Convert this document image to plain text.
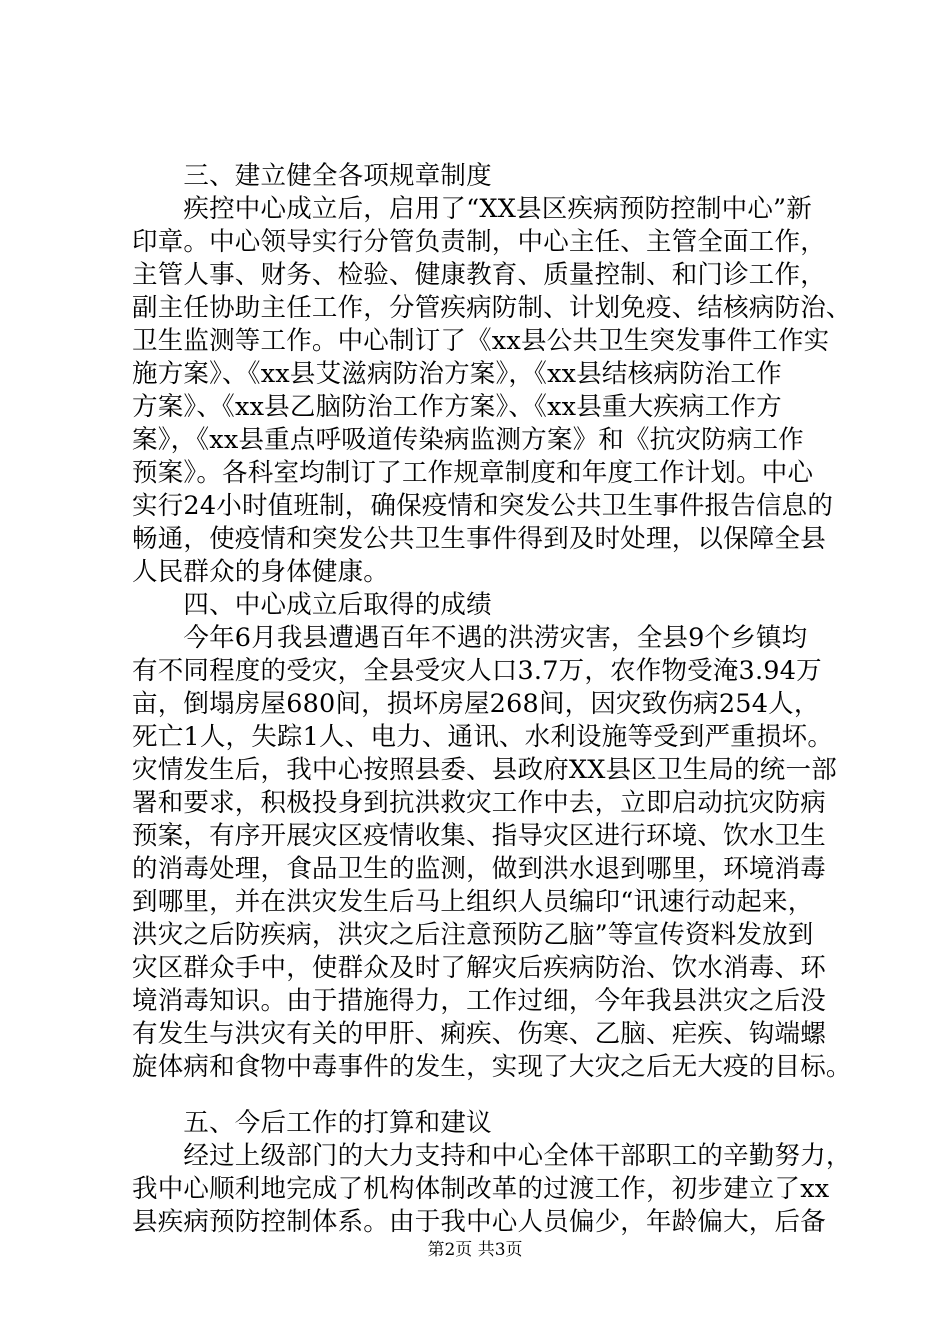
　　三、建立健全各项规章制度
　　疾控中心成立后，启用了“XX县区疾病预防控制中心”新
印章。中心领导实行分管负责制，中心主任、主管全面工作，
主管人事、财务、检验、健康教育、质量控制、和门诊工作，
副主任协助主任工作，分管疾病防制、计划免疫、结核病防治、
卫生监测等工作。中心制订了《xx县公共卫生突发事件工作实
施方案》、《xx县艾滋病防治方案》，《xx县结核病防治工作
方案》、《xx县乙脑防治工作方案》、《xx县重大疾病工作方
案》，《xx县重点呼吸道传染病监测方案》和《抗灾防病工作
预案》。各科室均制订了工作规章制度和年度工作计划。中心
实行24小时值班制，确保疫情和突发公共卫生事件报告信息的
畅通，使疫情和突发公共卫生事件得到及时处理，以保障全县
人民群众的身体健康。
　　四、中心成立后取得的成绩
　　今年6月我县遭遇百年不遇的洪涝灾害，全县9个乡镇均
有不同程度的受灾，全县受灾人口3.7万，农作物受淹3.94万
亩，倒塌房屋680间，损坏房屋268间，因灾致伤病254人，
死亡1人，失踪1人、电力、通讯、水利设施等受到严重损坏。
灾情发生后，我中心按照县委、县政府XX县区卫生局的统一部
署和要求，积极投身到抗洪救灾工作中去，立即启动抗灾防病
预案，有序开展灾区疫情收集、指导灾区进行环境、饮水卫生
的消毒处理，食品卫生的监测，做到洪水退到哪里，环境消毒
到哪里，并在洪灾发生后马上组织人员编印“讯速行动起来，
洪灾之后防疾病，洪灾之后注意预防乙脑”等宣传资料发放到
灾区群众手中，使群众及时了解灾后疾病防治、饮水消毒、环
境消毒知识。由于措施得力，工作过细，今年我县洪灾之后没
有发生与洪灾有关的甲肝、痢疾、伤寒、乙脑、疟疾、钩端螺
旋体病和食物中毒事件的发生，实现了大灾之后无大疫的目标。
　　五、今后工作的打算和建议
　　经过上级部门的大力支持和中心全体干部职工的辛勤努力，
我中心顺利地完成了机构体制改革的过渡工作，初步建立了xx
县疾病预防控制体系。由于我中心人员偏少，年龄偏大，后备
第2页 共3页
